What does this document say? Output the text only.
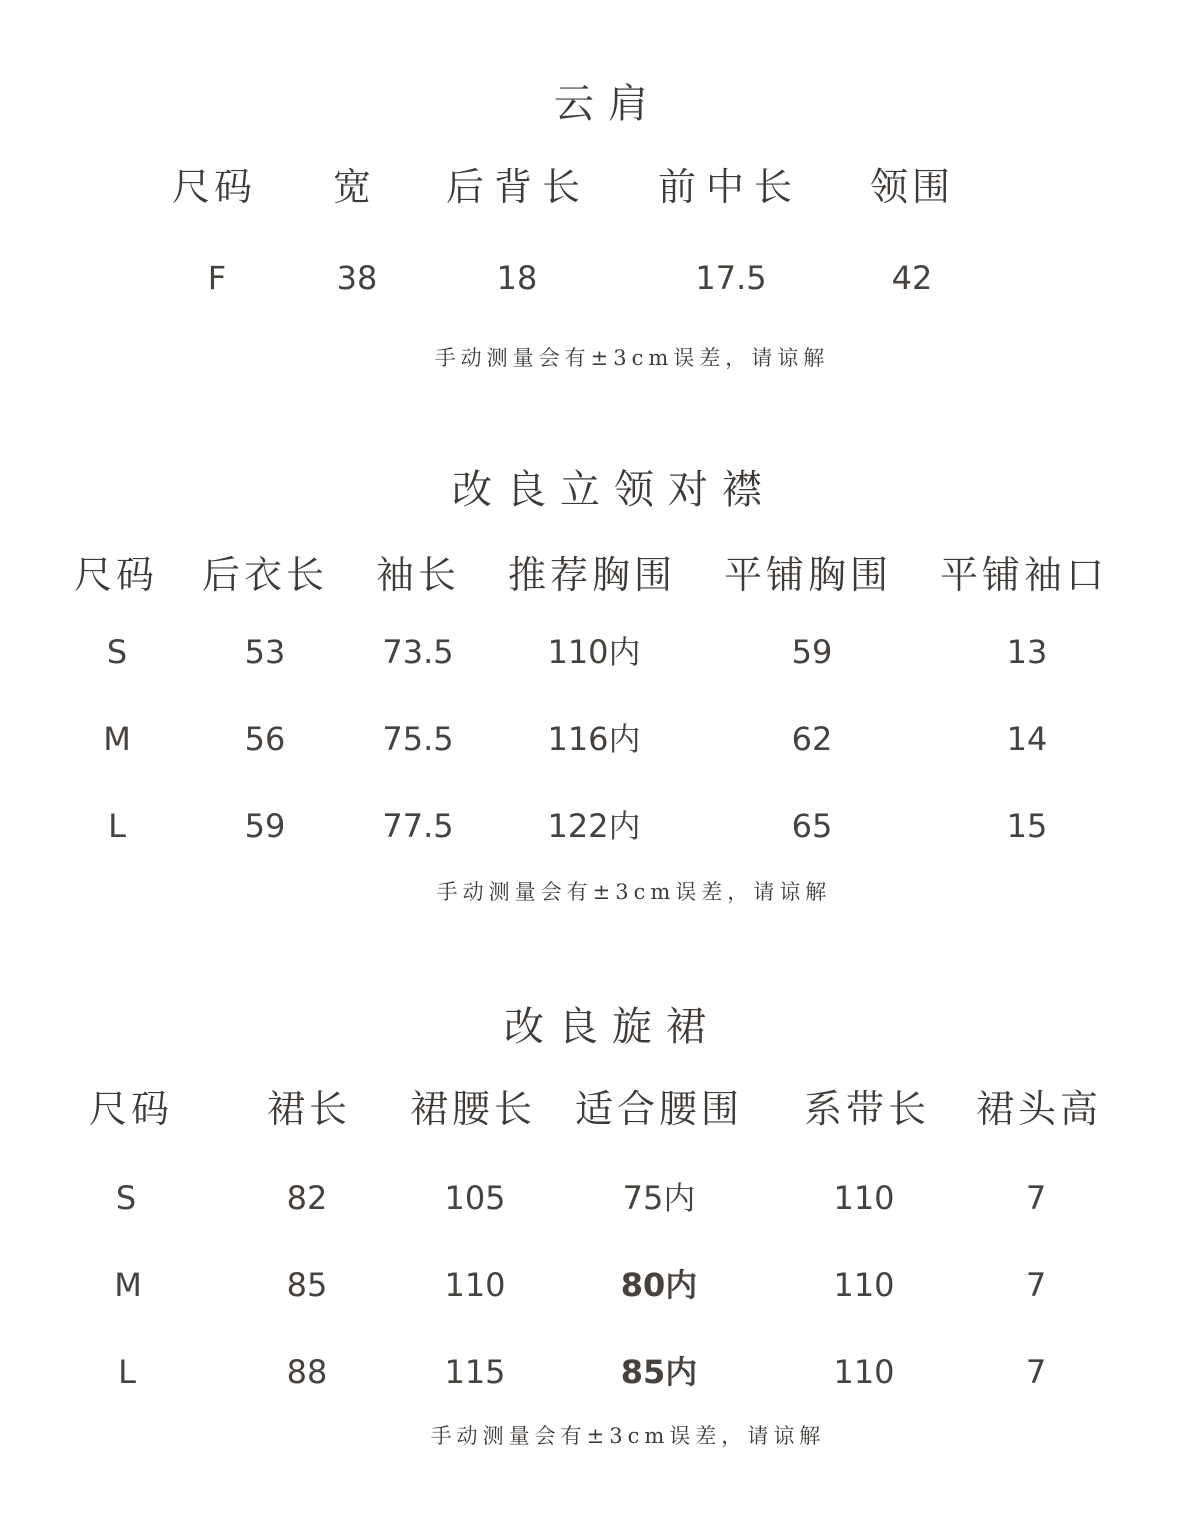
云肩
尺码 宽 后背长 前中长 领围
F	38	18	17.5	42
手动测量会有±3cm误差，请谅解
改良立领对襟
尺码 后衣长 袖长 推荐胸围 平铺胸围 平铺袖口
S	53	73.5	110内	59	13
M	56	75.5	116内	62	14
L	59	77.5	122内	65	15
手动测量会有±3cm误差，请谅解
改良旋裙
尺码 裙长 裙腰长 适合腰围 系带长 裙头高
S	82	105	75内	110	7
M	85	110	80内	110	7
L	88	115	85内	110	7
手动测量会有±3cm误差，请谅解
